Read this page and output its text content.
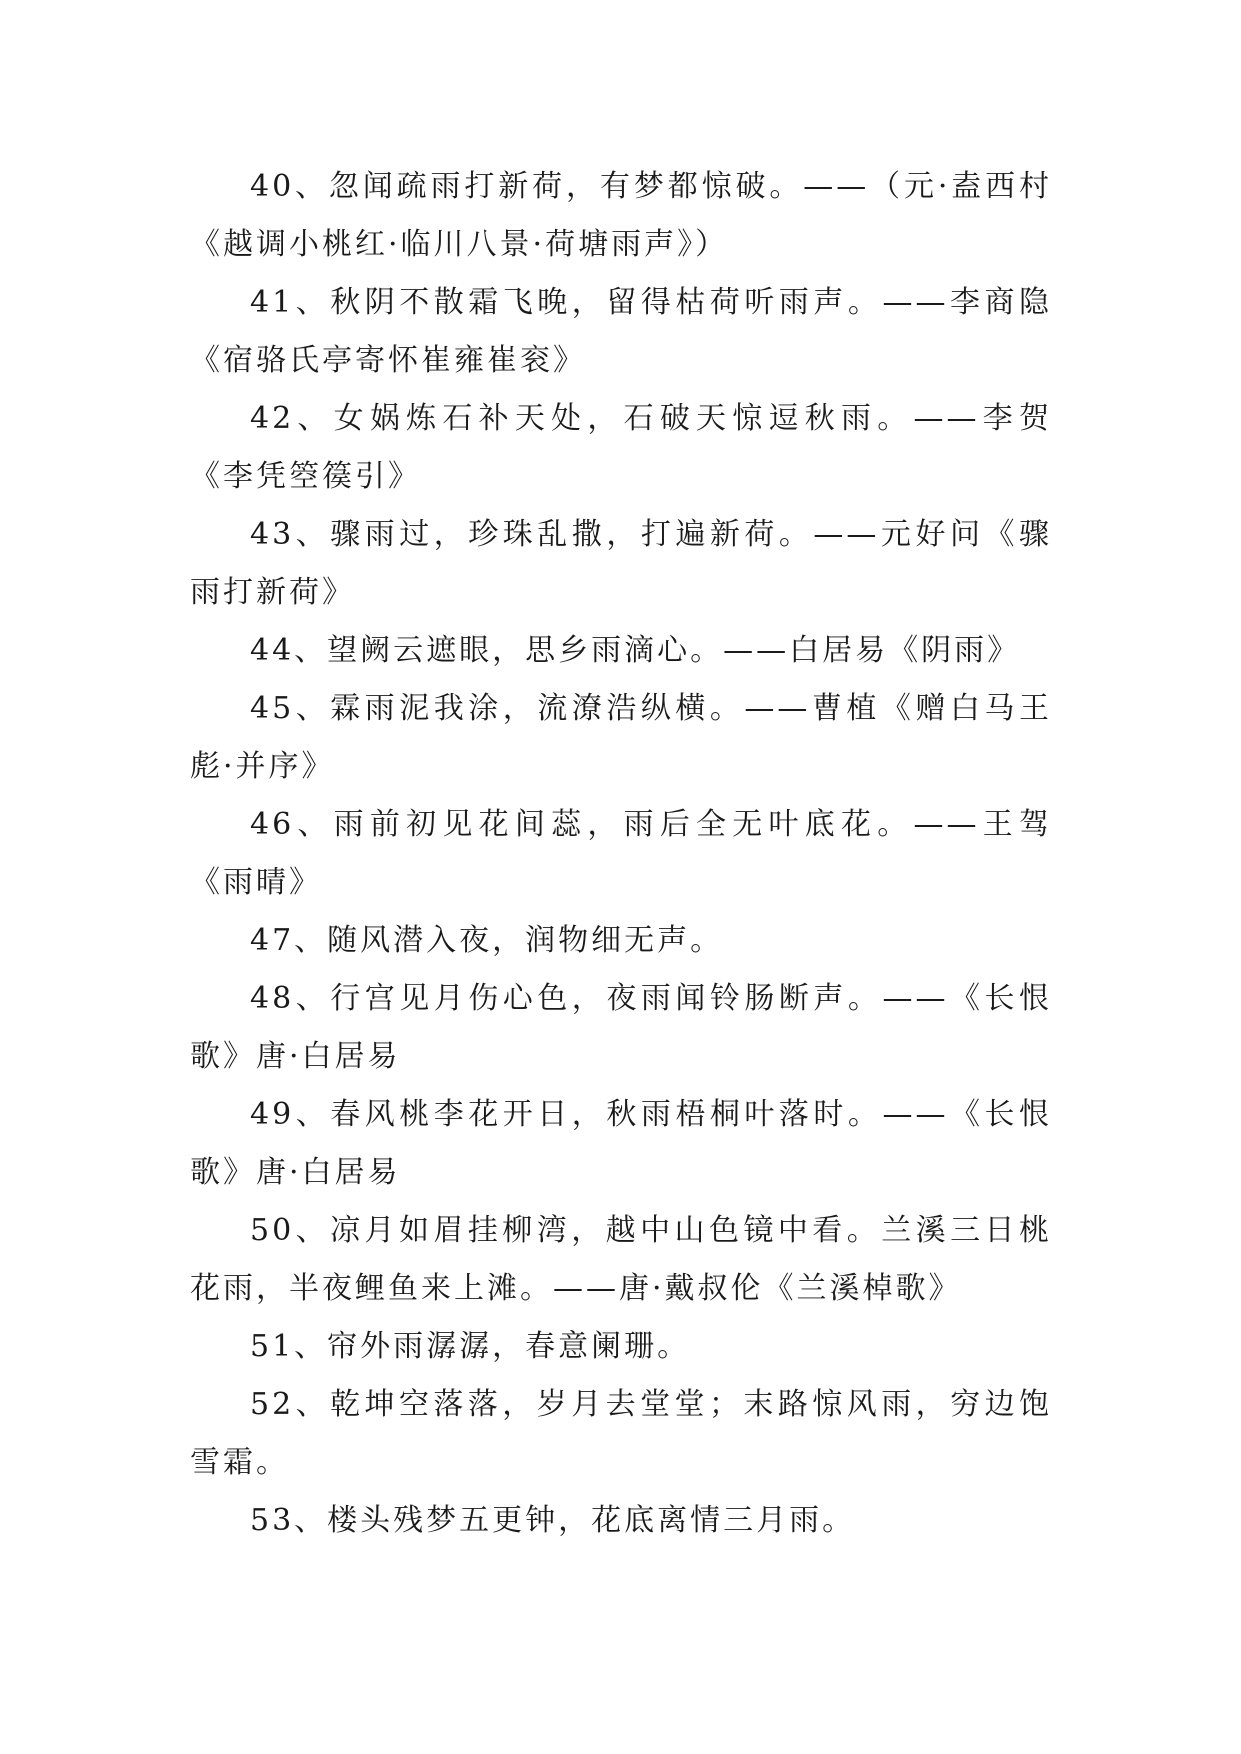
40、忽闻疏雨打新荷，有梦都惊破。——（元·盍西村《越调小桃红·临川八景·荷塘雨声》）

41、秋阴不散霜飞晚，留得枯荷听雨声。——李商隐《宿骆氏亭寄怀崔雍崔衮》

42、女娲炼石补天处，石破天惊逗秋雨。——李贺《李凭箜篌引》

43、骤雨过，珍珠乱撒，打遍新荷。——元好问《骤雨打新荷》

44、望阙云遮眼，思乡雨滴心。——白居易《阴雨》

45、霖雨泥我涂，流潦浩纵横。——曹植《赠白马王彪·并序》

46、雨前初见花间蕊，雨后全无叶底花。——王驾《雨晴》

47、随风潜入夜，润物细无声。

48、行宫见月伤心色，夜雨闻铃肠断声。——《长恨歌》唐·白居易

49、春风桃李花开日，秋雨梧桐叶落时。——《长恨歌》唐·白居易

50、凉月如眉挂柳湾，越中山色镜中看。兰溪三日桃花雨，半夜鲤鱼来上滩。——唐·戴叔伦《兰溪棹歌》

51、帘外雨潺潺，春意阑珊。

52、乾坤空落落，岁月去堂堂；末路惊风雨，穷边饱雪霜。

53、楼头残梦五更钟，花底离情三月雨。
